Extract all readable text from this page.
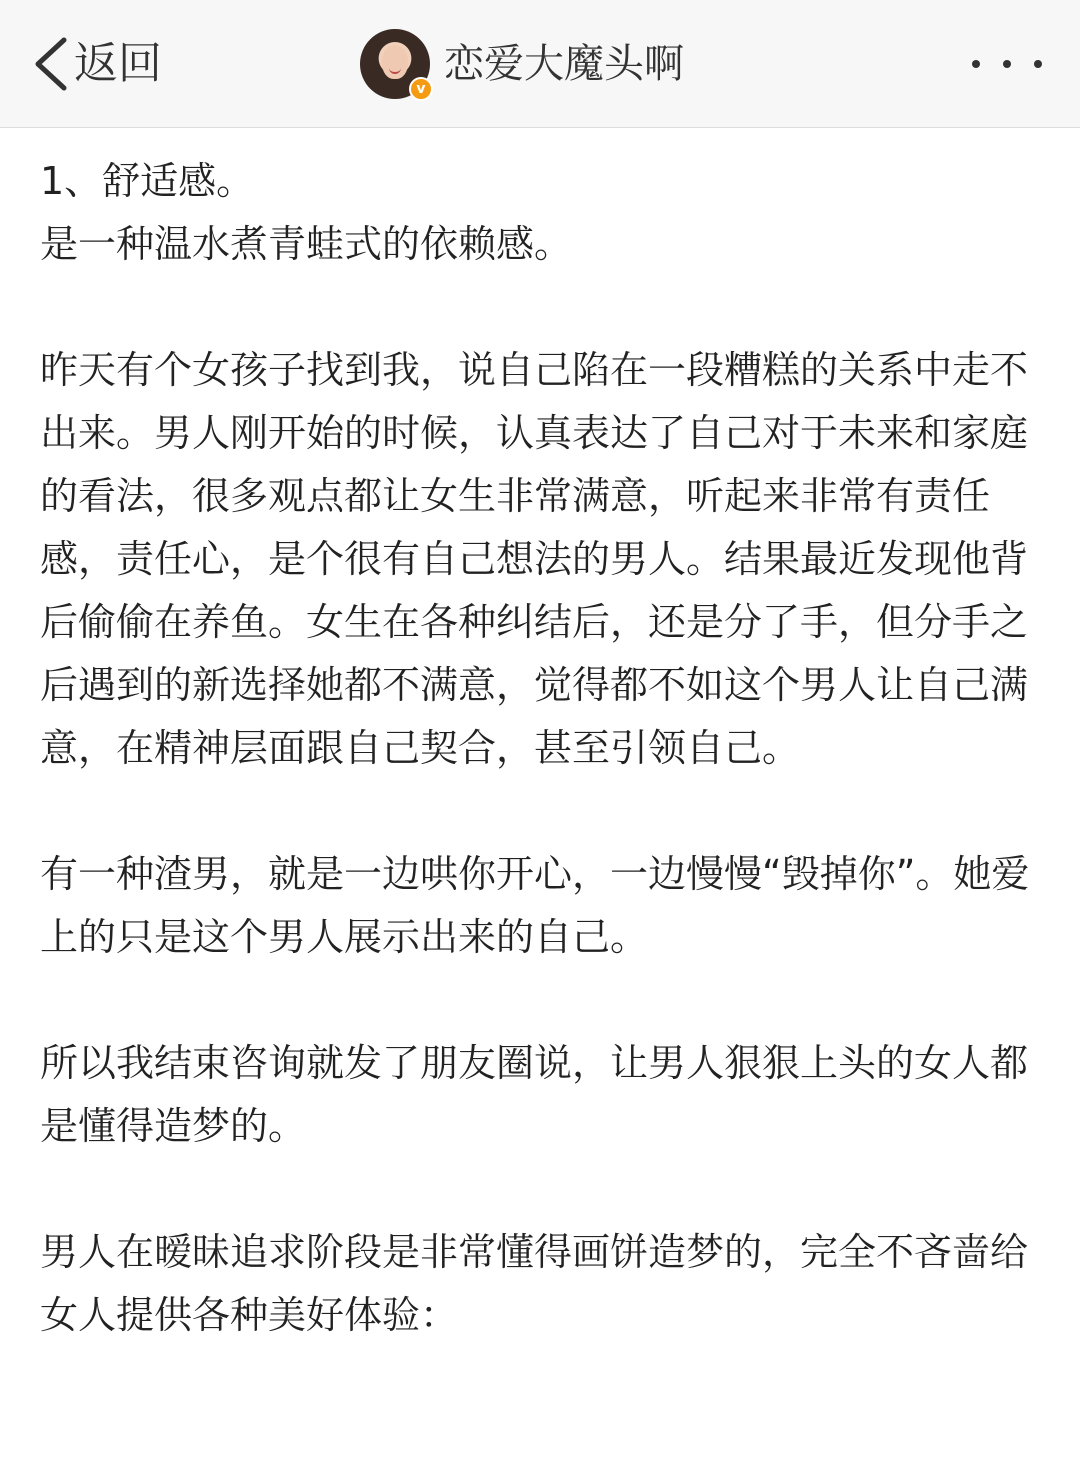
返回	v
恋爱大魔头啊

1、舒适感。
是一种温水煮青蛙式的依赖感。

昨天有个女孩子找到我，说自己陷在一段糟糕的关系中走不出来。男人刚开始的时候，认真表达了自己对于未来和家庭的看法，很多观点都让女生非常满意，听起来非常有责任感，责任心，是个很有自己想法的男人。结果最近发现他背后偷偷在养鱼。女生在各种纠结后，还是分了手，但分手之后遇到的新选择她都不满意，觉得都不如这个男人让自己满意，在精神层面跟自己契合，甚至引领自己。

有一种渣男，就是一边哄你开心，一边慢慢“毁掉你”。她爱上的只是这个男人展示出来的自己。

所以我结束咨询就发了朋友圈说，让男人狠狠上头的女人都是懂得造梦的。

男人在暧昧追求阶段是非常懂得画饼造梦的，完全不吝啬给女人提供各种美好体验：
